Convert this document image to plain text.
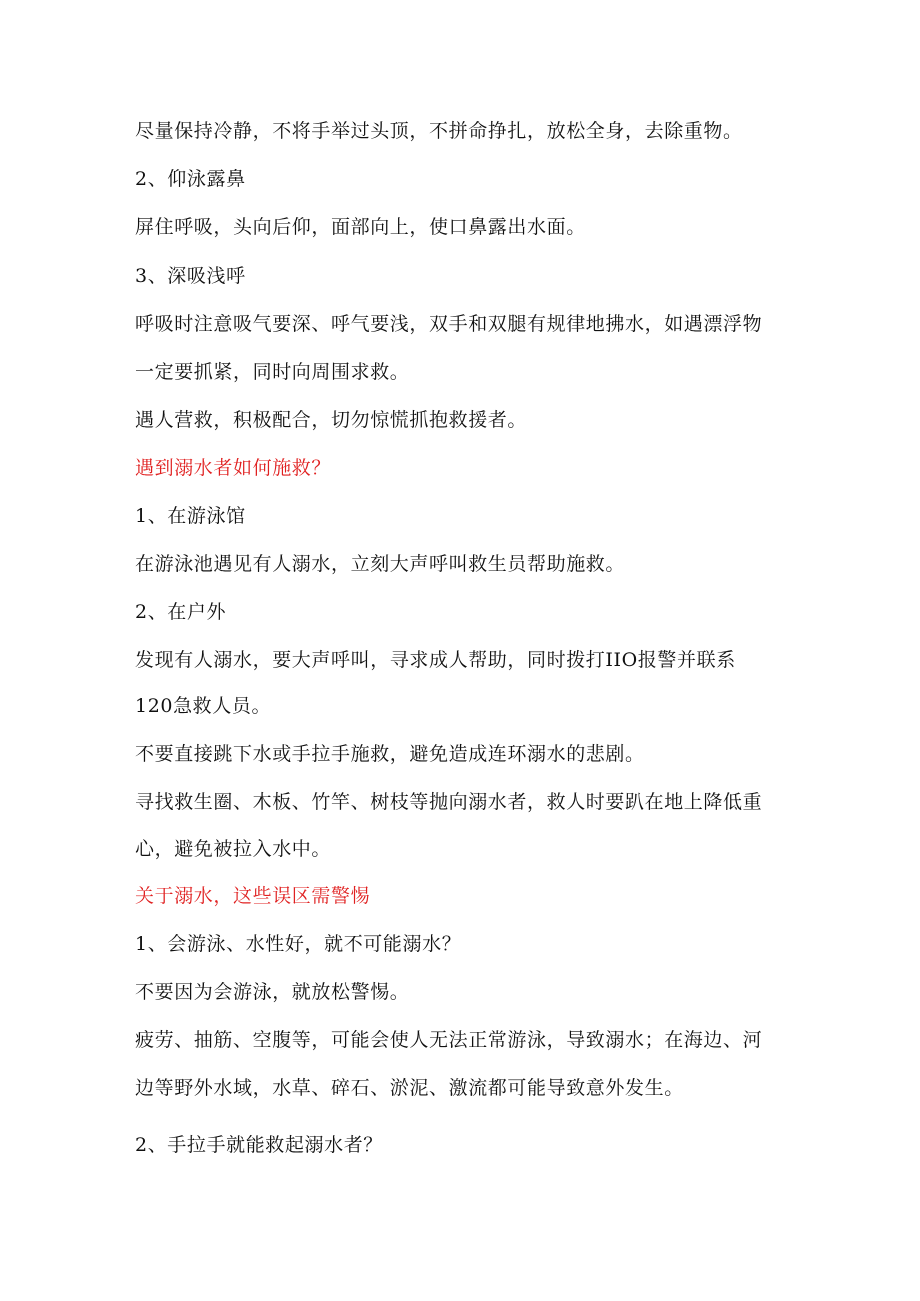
尽量保持冷静，不将手举过头顶，不拼命挣扎，放松全身，去除重物。
2、仰泳露鼻
屏住呼吸，头向后仰，面部向上，使口鼻露出水面。
3、深吸浅呼
呼吸时注意吸气要深、呼气要浅，双手和双腿有规律地拂水，如遇漂浮物
一定要抓紧，同时向周围求救。
遇人营救，积极配合，切勿惊慌抓抱救援者。
遇到溺水者如何施救？
1、在游泳馆
在游泳池遇见有人溺水，立刻大声呼叫救生员帮助施救。
2、在户外
发现有人溺水，要大声呼叫，寻求成人帮助，同时拨打IIO报警并联系
120急救人员。
不要直接跳下水或手拉手施救，避免造成连环溺水的悲剧。
寻找救生圈、木板、竹竿、树枝等抛向溺水者，救人时要趴在地上降低重
心，避免被拉入水中。
关于溺水，这些误区需警惕
1、会游泳、水性好，就不可能溺水？
不要因为会游泳，就放松警惕。
疲劳、抽筋、空腹等，可能会使人无法正常游泳，导致溺水；在海边、河
边等野外水域，水草、碎石、淤泥、激流都可能导致意外发生。
2、手拉手就能救起溺水者？
